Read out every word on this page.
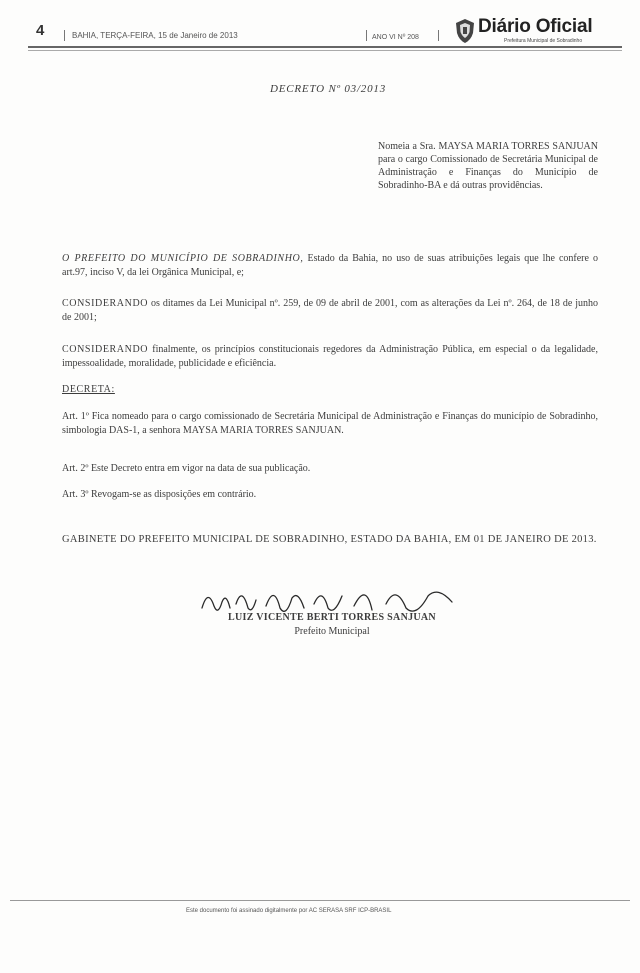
4	BAHIA, TERÇA-FEIRA, 15 de Janeiro de 2013	ANO VI Nº 208
Diário Oficial
Prefeitura Municipal de Sobradinho
DECRETO Nº 03/2013
Nomeia a Sra. MAYSA MARIA TORRES SANJUAN para o cargo Comissionado de Secretária Municipal de Administração e Finanças do Município de Sobradinho-BA e dá outras providências.
O PREFEITO DO MUNICÍPIO DE SOBRADINHO, Estado da Bahia, no uso de suas atribuições legais que lhe confere o art.97, inciso V, da lei Orgânica Municipal, e;
CONSIDERANDO os ditames da Lei Municipal nº. 259, de 09 de abril de 2001, com as alterações da Lei nº. 264, de 18 de junho de 2001;
CONSIDERANDO finalmente, os princípios constitucionais regedores da Administração Pública, em especial o da legalidade, impessoalidade, moralidade, publicidade e eficiência.
DECRETA:
Art. 1º Fica nomeado para o cargo comissionado de Secretária Municipal de Administração e Finanças do município de Sobradinho, simbologia DAS-1, a senhora MAYSA MARIA TORRES SANJUAN.
Art. 2º Este Decreto entra em vigor na data de sua publicação.
Art. 3º Revogam-se as disposições em contrário.
GABINETE DO PREFEITO MUNICIPAL DE SOBRADINHO, ESTADO DA BAHIA, EM 01 DE JANEIRO DE 2013.
LUIZ VICENTE BERTI TORRES SANJUAN
Prefeito Municipal
Este documento foi assinado digitalmente por AC SERASA SRF ICP-BRASIL
